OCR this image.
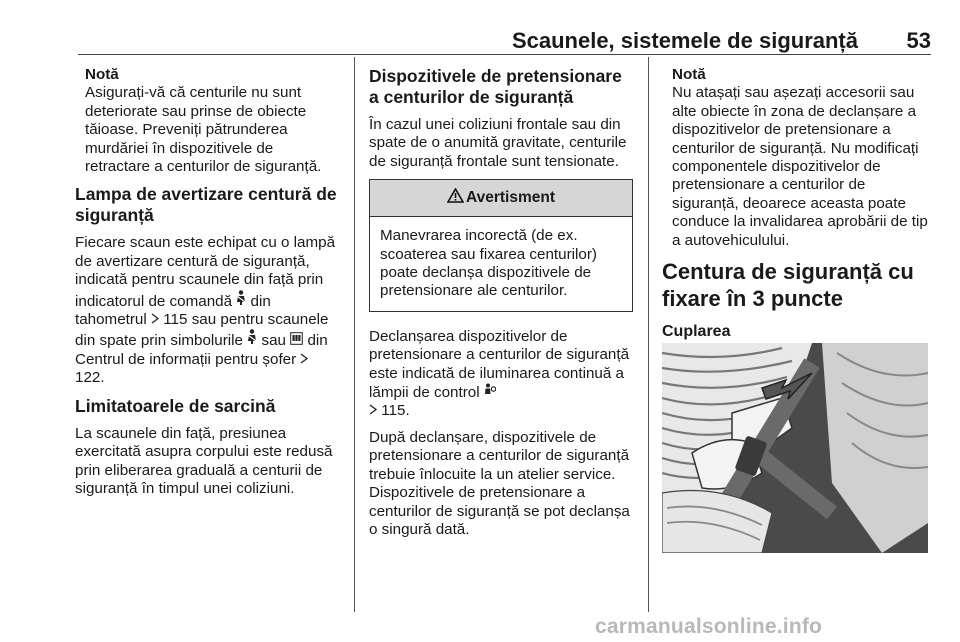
Scaunele, sistemele de siguranță 53
Notă
Asigurați-vă că centurile nu sunt deteriorate sau prinse de obiecte tăioase. Preveniți pătrunderea murdăriei în dispozitivele de retractare a centurilor de siguranță.
Lampa de avertizare centură de siguranță

Fiecare scaun este echipat cu o lampă de avertizare centură de siguranță, indicată pentru scaunele din față prin indicatorul de comandă din tahometrul 115 sau pentru scaunele din spate prin simbolurile sau din Centrul de informații pentru șofer  122.

Limitatoarele de sarcină

La scaunele din față, presiunea exercitată asupra corpului este redusă prin eliberarea graduală a centurii de siguranță în timpul unei coliziuni.

Dispozitivele de pretensionare a centurilor de siguranță

În cazul unei coliziuni frontale sau din spate de o anumită gravitate, centurile de siguranță frontale sunt tensionate.

Avertisment
Manevrarea incorectă (de ex. scoaterea sau fixarea centurilor) poate declanșa dispozitivele de pretensionare ale centurilor.

Declanșarea dispozitivelor de pretensionare a centurilor de siguranță este indicată de iluminarea continuă a lămpii de control
115.

După declanșare, dispozitivele de pretensionare a centurilor de siguranță trebuie înlocuite la un atelier service. Dispozitivele de pretensionare a centurilor de siguranță se pot declanșa o singură dată.

Notă
Nu atașați sau așezați accesorii sau alte obiecte în zona de declanșare a dispozitivelor de pretensionare a centurilor de siguranță. Nu modificați componentele dispozitivelor de pretensionare a centurilor de siguranță, deoarece aceasta poate conduce la invalidarea aprobării de tip a autovehiculului.
Centura de siguranță cu fixare în 3 puncte
Cuplarea
carmanualsonline.info
